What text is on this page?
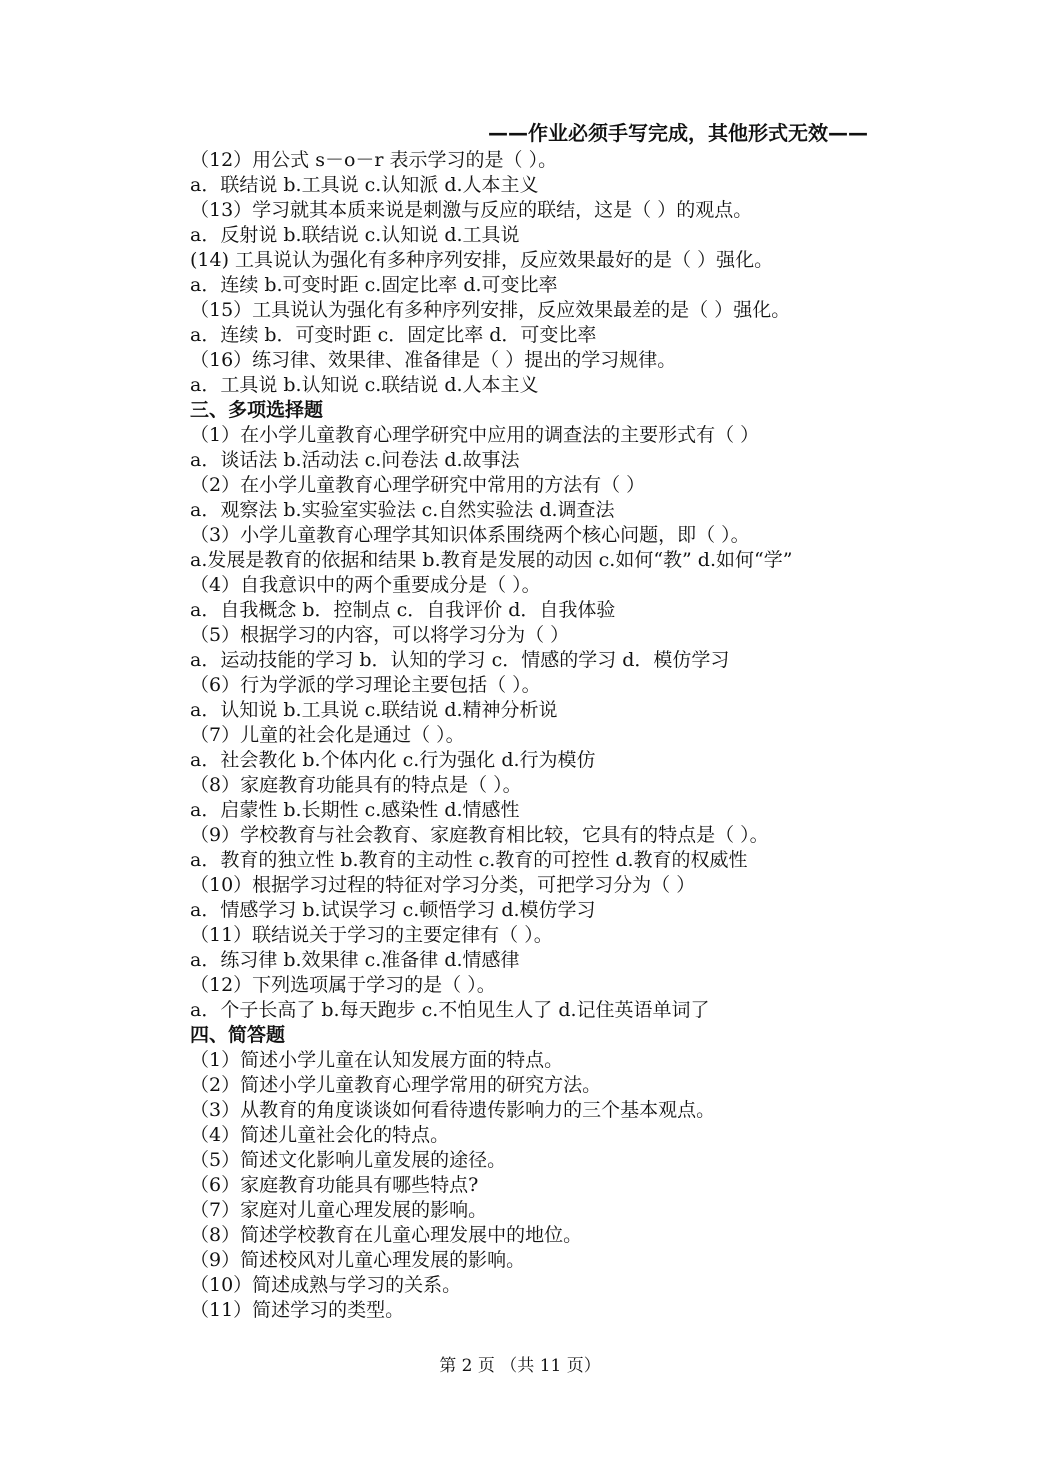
——作业必须手写完成，其他形式无效——
（12）用公式 s－o－r 表示学习的是（ ）。
a．联结说 b.工具说 c.认知派 d.人本主义
（13）学习就其本质来说是刺激与反应的联结，这是（ ）的观点。
a．反射说 b.联结说 c.认知说 d.工具说
(14) 工具说认为强化有多种序列安排，反应效果最好的是（ ）强化。
a．连续 b.可变时距 c.固定比率 d.可变比率
（15）工具说认为强化有多种序列安排，反应效果最差的是（ ）强化。
a．连续 b．可变时距 c．固定比率 d．可变比率
（16）练习律、效果律、准备律是（ ）提出的学习规律。
a．工具说 b.认知说 c.联结说 d.人本主义
三、多项选择题
（1）在小学儿童教育心理学研究中应用的调查法的主要形式有（ ）
a．谈话法 b.活动法 c.问卷法 d.故事法
（2）在小学儿童教育心理学研究中常用的方法有（ ）
a．观察法 b.实验室实验法 c.自然实验法 d.调查法
（3）小学儿童教育心理学其知识体系围绕两个核心问题，即（ ）。
a.发展是教育的依据和结果 b.教育是发展的动因 c.如何“教” d.如何“学”
（4）自我意识中的两个重要成分是（ ）。
a．自我概念 b．控制点 c．自我评价 d．自我体验
（5）根据学习的内容，可以将学习分为（ ）
a．运动技能的学习 b．认知的学习 c．情感的学习 d．模仿学习
（6）行为学派的学习理论主要包括（ ）。
a．认知说 b.工具说 c.联结说 d.精神分析说
（7）儿童的社会化是通过（ ）。
a．社会教化 b.个体内化 c.行为强化 d.行为模仿
（8）家庭教育功能具有的特点是（ ）。
a．启蒙性 b.长期性 c.感染性 d.情感性
（9）学校教育与社会教育、家庭教育相比较，它具有的特点是（ ）。
a．教育的独立性 b.教育的主动性 c.教育的可控性 d.教育的权威性
（10）根据学习过程的特征对学习分类，可把学习分为（ ）
a．情感学习 b.试误学习 c.顿悟学习 d.模仿学习
（11）联结说关于学习的主要定律有（ ）。
a．练习律 b.效果律 c.准备律 d.情感律
（12）下列选项属于学习的是（ ）。
a．个子长高了 b.每天跑步 c.不怕见生人了 d.记住英语单词了
四、简答题
（1）简述小学儿童在认知发展方面的特点。
（2）简述小学儿童教育心理学常用的研究方法。
（3）从教育的角度谈谈如何看待遗传影响力的三个基本观点。
（4）简述儿童社会化的特点。
（5）简述文化影响儿童发展的途径。
（6）家庭教育功能具有哪些特点?
（7）家庭对儿童心理发展的影响。
（8）简述学校教育在儿童心理发展中的地位。
（9）简述校风对儿童心理发展的影响。
（10）简述成熟与学习的关系。
（11）简述学习的类型。
第 2 页 （共 11 页）
